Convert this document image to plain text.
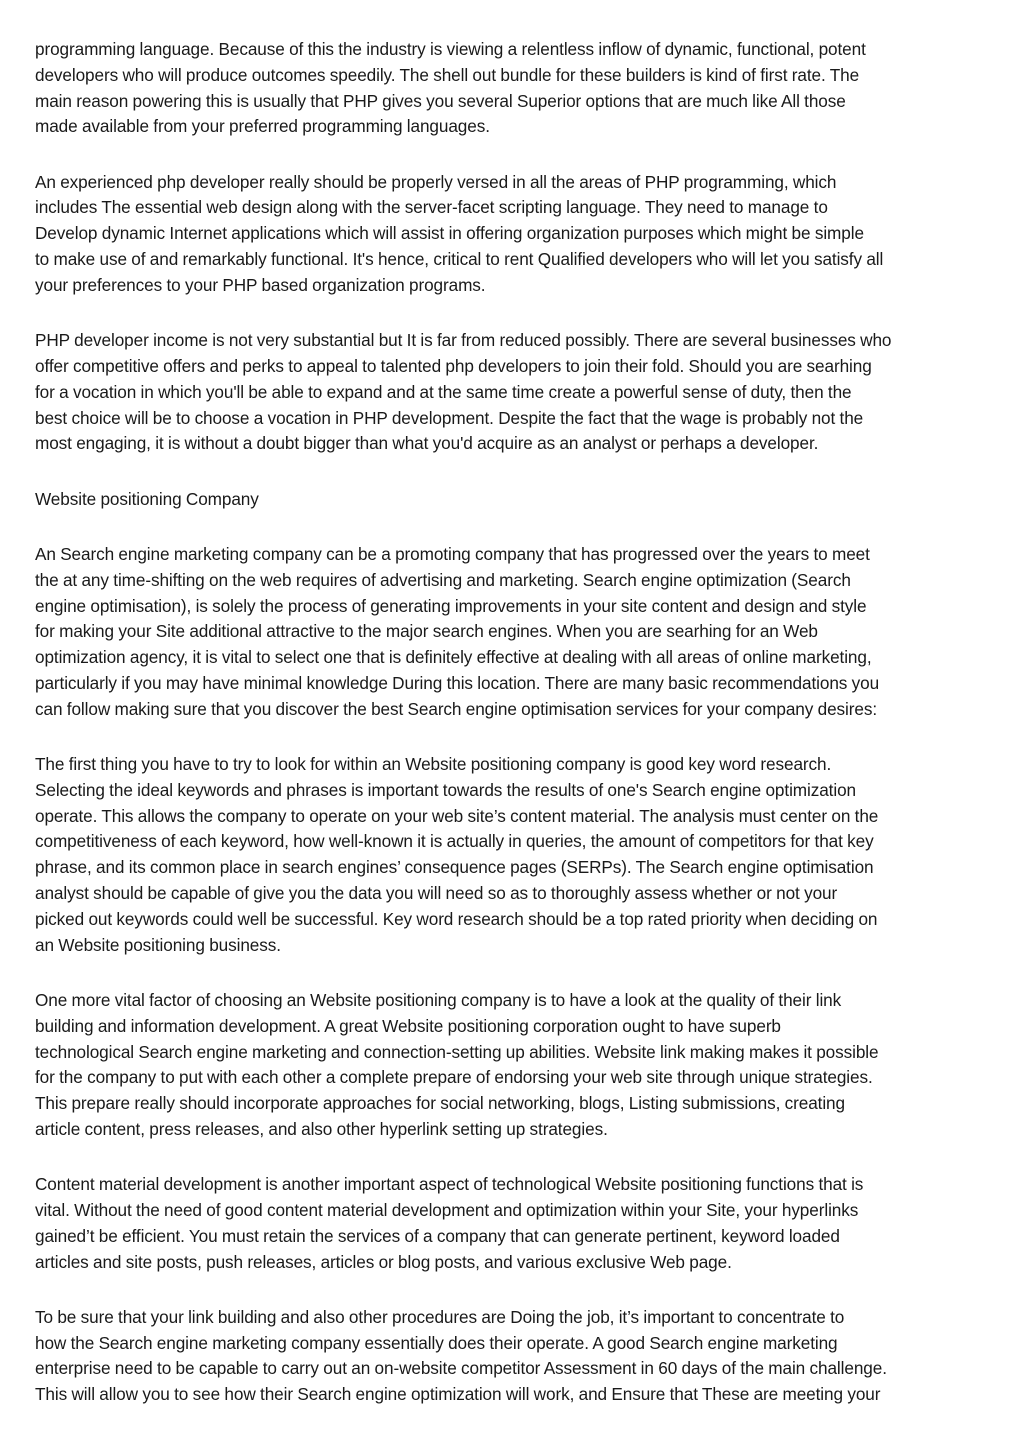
programming language. Because of this the industry is viewing a relentless inflow of dynamic, functional, potent
developers who will produce outcomes speedily. The shell out bundle for these builders is kind of first rate. The
main reason powering this is usually that PHP gives you several Superior options that are much like All those
made available from your preferred programming languages.

An experienced php developer really should be properly versed in all the areas of PHP programming, which
includes The essential web design along with the server-facet scripting language. They need to manage to
Develop dynamic Internet applications which will assist in offering organization purposes which might be simple
to make use of and remarkably functional. It's hence, critical to rent Qualified developers who will let you satisfy all
your preferences to your PHP based organization programs.

PHP developer income is not very substantial but It is far from reduced possibly. There are several businesses who
offer competitive offers and perks to appeal to talented php developers to join their fold. Should you are searhing
for a vocation in which you'll be able to expand and at the same time create a powerful sense of duty, then the
best choice will be to choose a vocation in PHP development. Despite the fact that the wage is probably not the
most engaging, it is without a doubt bigger than what you'd acquire as an analyst or perhaps a developer.

Website positioning Company

An Search engine marketing company can be a promoting company that has progressed over the years to meet
the at any time-shifting on the web requires of advertising and marketing. Search engine optimization (Search
engine optimisation), is solely the process of generating improvements in your site content and design and style
for making your Site additional attractive to the major search engines. When you are searhing for an Web
optimization agency, it is vital to select one that is definitely effective at dealing with all areas of online marketing,
particularly if you may have minimal knowledge During this location. There are many basic recommendations you
can follow making sure that you discover the best Search engine optimisation services for your company desires:

The first thing you have to try to look for within an Website positioning company is good key word research.
Selecting the ideal keywords and phrases is important towards the results of one's Search engine optimization
operate. This allows the company to operate on your web site’s content material. The analysis must center on the
competitiveness of each keyword, how well-known it is actually in queries, the amount of competitors for that key
phrase, and its common place in search engines’ consequence pages (SERPs). The Search engine optimisation
analyst should be capable of give you the data you will need so as to thoroughly assess whether or not your
picked out keywords could well be successful. Key word research should be a top rated priority when deciding on
an Website positioning business.

One more vital factor of choosing an Website positioning company is to have a look at the quality of their link
building and information development. A great Website positioning corporation ought to have superb
technological Search engine marketing and connection-setting up abilities. Website link making makes it possible
for the company to put with each other a complete prepare of endorsing your web site through unique strategies.
This prepare really should incorporate approaches for social networking, blogs, Listing submissions, creating
article content, press releases, and also other hyperlink setting up strategies.

Content material development is another important aspect of technological Website positioning functions that is
vital. Without the need of good content material development and optimization within your Site, your hyperlinks
gained’t be efficient. You must retain the services of a company that can generate pertinent, keyword loaded
articles and site posts, push releases, articles or blog posts, and various exclusive Web page.

To be sure that your link building and also other procedures are Doing the job, it’s important to concentrate to
how the Search engine marketing company essentially does their operate. A good Search engine marketing
enterprise need to be capable to carry out an on-website competitor Assessment in 60 days of the main challenge.
This will allow you to see how their Search engine optimization will work, and Ensure that These are meeting your
